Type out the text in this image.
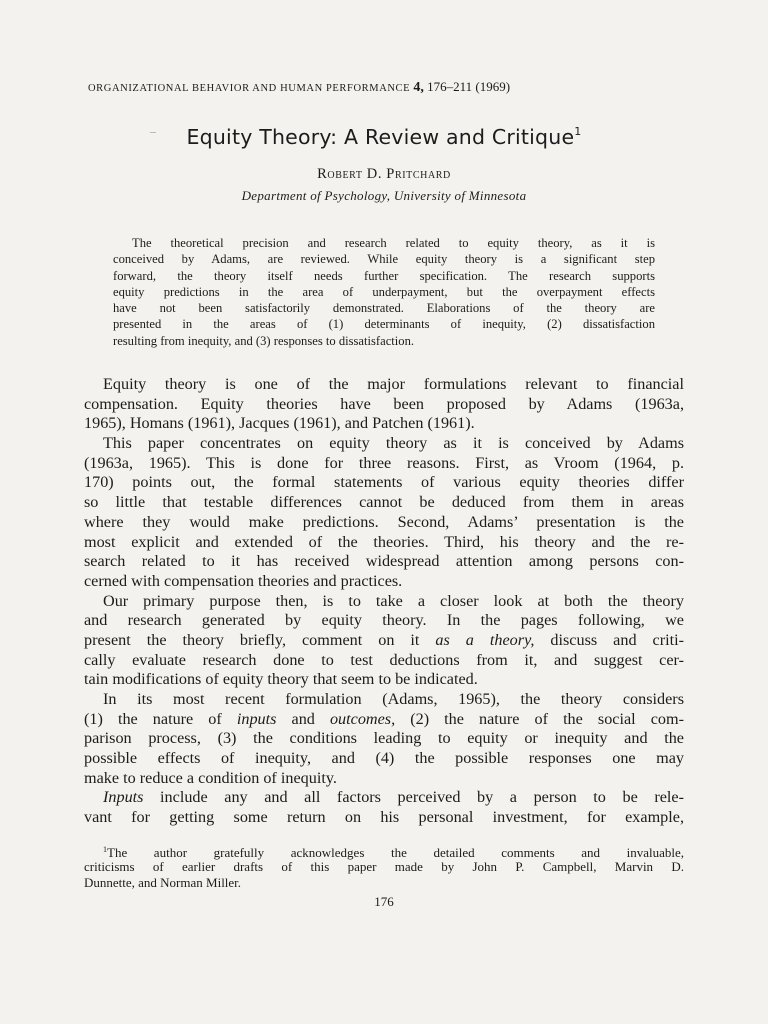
ORGANIZATIONAL BEHAVIOR AND HUMAN PERFORMANCE 4, 176–211 (1969)
Equity Theory: A Review and Critique$^1$
Robert D. Pritchard
Department of Psychology, University of Minnesota
The theoretical precision and research related to equity theory, as it is
conceived by Adams, are reviewed. While equity theory is a significant step
forward, the theory itself needs further specification. The research supports
equity predictions in the area of underpayment, but the overpayment effects
have not been satisfactorily demonstrated. Elaborations of the theory are
presented in the areas of (1) determinants of inequity, (2) dissatisfaction
resulting from inequity, and (3) responses to dissatisfaction.
Equity theory is one of the major formulations relevant to financial
compensation. Equity theories have been proposed by Adams (1963a,
1965), Homans (1961), Jacques (1961), and Patchen (1961).
This paper concentrates on equity theory as it is conceived by Adams
(1963a, 1965). This is done for three reasons. First, as Vroom (1964, p.
170) points out, the formal statements of various equity theories differ
so little that testable differences cannot be deduced from them in areas
where they would make predictions. Second, Adams’ presentation is the
most explicit and extended of the theories. Third, his theory and the re-
search related to it has received widespread attention among persons con-
cerned with compensation theories and practices.
Our primary purpose then, is to take a closer look at both the theory
and research generated by equity theory. In the pages following, we
present the theory briefly, comment on it as a theory, discuss and criti-
cally evaluate research done to test deductions from it, and suggest cer-
tain modifications of equity theory that seem to be indicated.
In its most recent formulation (Adams, 1965), the theory considers
(1) the nature of inputs and outcomes, (2) the nature of the social com-
parison process, (3) the conditions leading to equity or inequity and the
possible effects of inequity, and (4) the possible responses one may
make to reduce a condition of inequity.
Inputs include any and all factors perceived by a person to be rele-
vant for getting some return on his personal investment, for example,
$^1$The author gratefully acknowledges the detailed comments and invaluable,
criticisms of earlier drafts of this paper made by John P. Campbell, Marvin D.
Dunnette, and Norman Miller.
176
